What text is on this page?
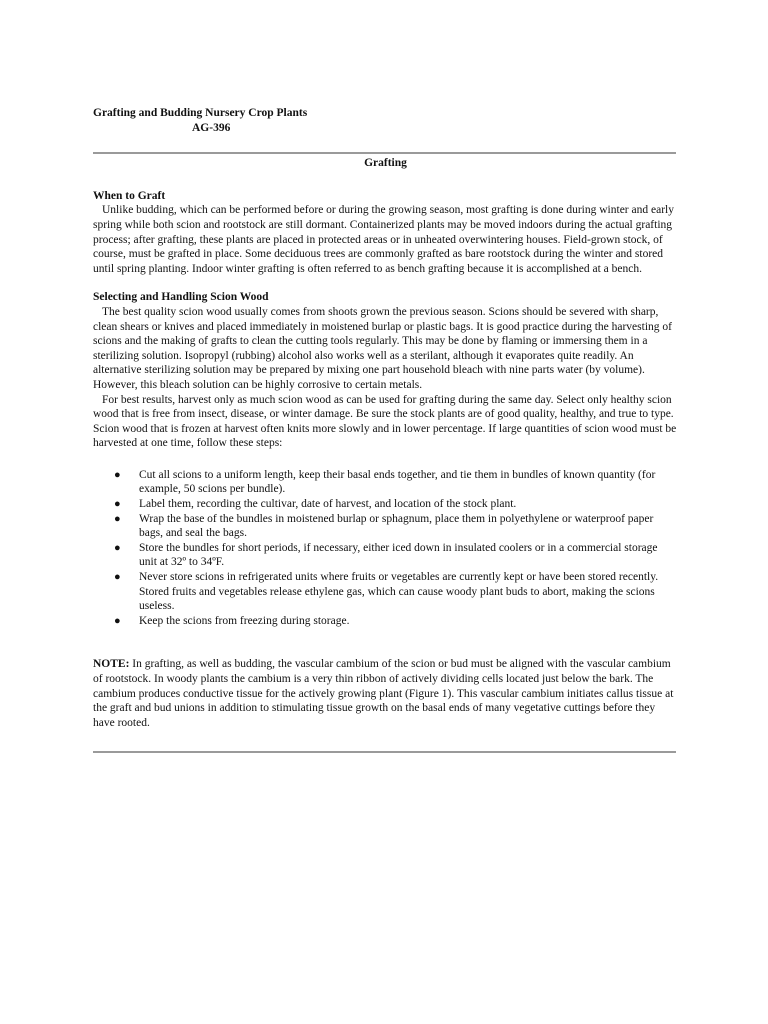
Grafting and Budding Nursery Crop Plants

AG-396

Grafting

When to Graft

Unlike budding, which can be performed before or during the growing season, most grafting is done during winter and early spring while both scion and rootstock are still dormant. Containerized plants may be moved indoors during the actual grafting process; after grafting, these plants are placed in protected areas or in unheated overwintering houses. Field-grown stock, of course, must be grafted in place. Some deciduous trees are commonly grafted as bare rootstock during the winter and stored until spring planting. Indoor winter grafting is often referred to as bench grafting because it is accomplished at a bench.

Selecting and Handling Scion Wood

The best quality scion wood usually comes from shoots grown the previous season. Scions should be severed with sharp, clean shears or knives and placed immediately in moistened burlap or plastic bags. It is good practice during the harvesting of scions and the making of grafts to clean the cutting tools regularly. This may be done by flaming or immersing them in a sterilizing solution. Isopropyl (rubbing) alcohol also works well as a sterilant, although it evaporates quite readily. An alternative sterilizing solution may be prepared by mixing one part household bleach with nine parts water (by volume). However, this bleach solution can be highly corrosive to certain metals.

For best results, harvest only as much scion wood as can be used for grafting during the same day. Select only healthy scion wood that is free from insect, disease, or winter damage. Be sure the stock plants are of good quality, healthy, and true to type. Scion wood that is frozen at harvest often knits more slowly and in lower percentage. If large quantities of scion wood must be harvested at one time, follow these steps:

● Cut all scions to a uniform length, keep their basal ends together, and tie them in bundles of known quantity (for example, 50 scions per bundle).
● Label them, recording the cultivar, date of harvest, and location of the stock plant.
● Wrap the base of the bundles in moistened burlap or sphagnum, place them in polyethylene or waterproof paper bags, and seal the bags.
● Store the bundles for short periods, if necessary, either iced down in insulated coolers or in a commercial storage unit at 32º to 34ºF.
● Never store scions in refrigerated units where fruits or vegetables are currently kept or have been stored recently. Stored fruits and vegetables release ethylene gas, which can cause woody plant buds to abort, making the scions useless.
● Keep the scions from freezing during storage.

NOTE: In grafting, as well as budding, the vascular cambium of the scion or bud must be aligned with the vascular cambium of rootstock. In woody plants the cambium is a very thin ribbon of actively dividing cells located just below the bark. The cambium produces conductive tissue for the actively growing plant (Figure 1). This vascular cambium initiates callus tissue at the graft and bud unions in addition to stimulating tissue growth on the basal ends of many vegetative cuttings before they have rooted.
